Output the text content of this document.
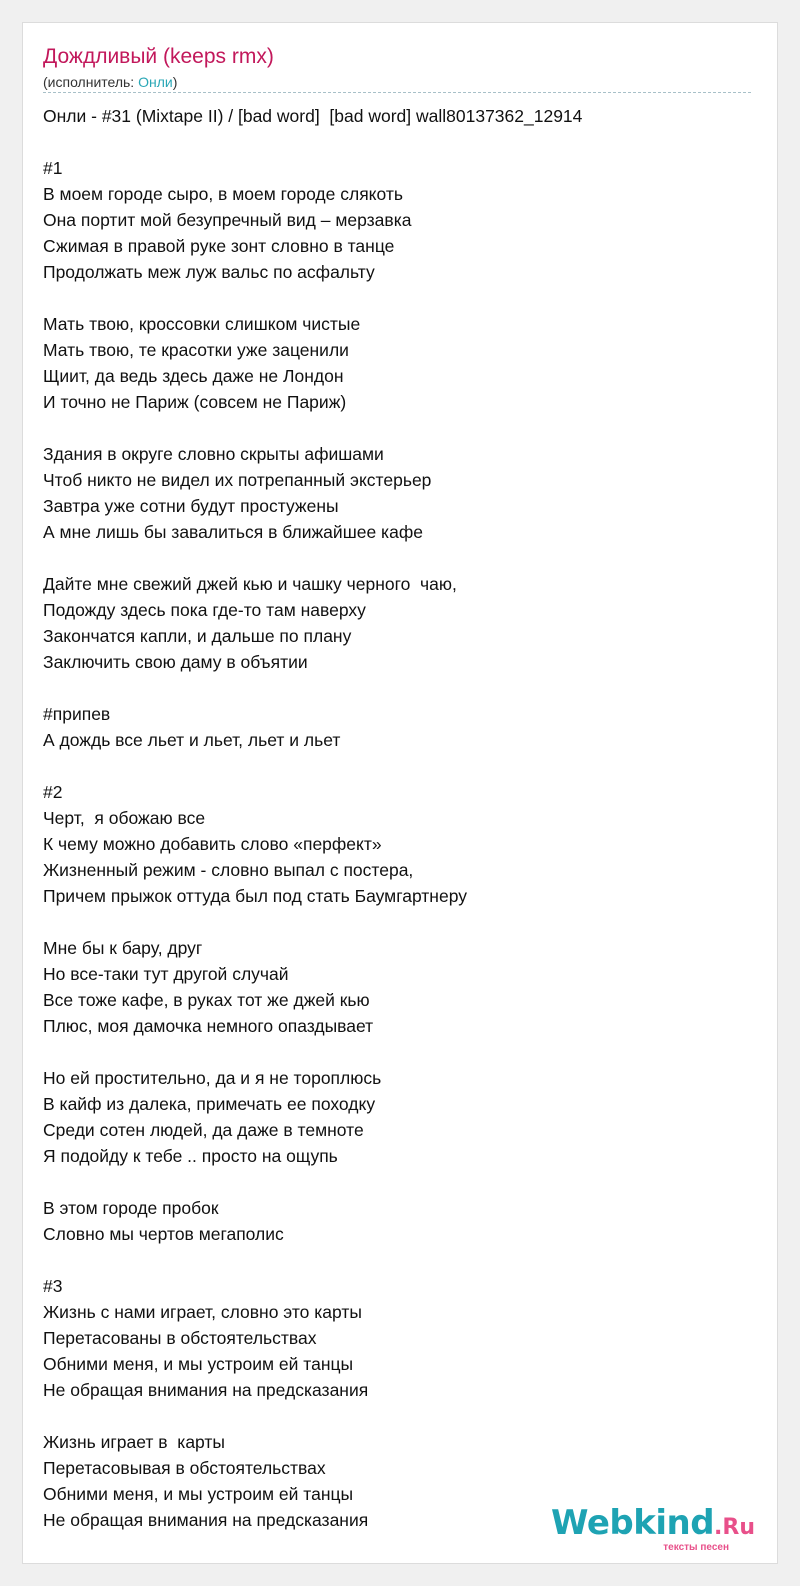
Дождливый (keeps rmx)
(исполнитель: Онли)
Онли - #31 (Mixtape II) / [bad word]  [bad word] wall80137362_12914
#1
В моем городе сыро, в моем городе слякоть
Она портит мой безупречный вид – мерзавка
Сжимая в правой руке зонт словно в танце
Продолжать меж луж вальс по асфальту
Мать твою, кроссовки слишком чистые
Мать твою, те красотки уже заценили
Щиит, да ведь здесь даже не Лондон
И точно не Париж (совсем не Париж)
Здания в округе словно скрыты афишами
Чтоб никто не видел их потрепанный экстерьер
Завтра уже сотни будут простужены
А мне лишь бы завалиться в ближайшее кафе
Дайте мне свежий джей кью и чашку черного  чаю,
Подожду здесь пока где-то там наверху
Закончатся капли, и дальше по плану
Заключить свою даму в объятии
#припев
А дождь все льет и льет, льет и льет
#2
Черт,  я обожаю все
К чему можно добавить слово «перфект»
Жизненный режим - словно выпал с постера,
Причем прыжок оттуда был под стать Баумгартнеру
Мне бы к бару, друг
Но все-таки тут другой случай
Все тоже кафе, в руках тот же джей кью
Плюс, моя дамочка немного опаздывает
Но ей простительно, да и я не тороплюсь
В кайф из далека, примечать ее походку
Среди сотен людей, да даже в темноте
Я подойду к тебе .. просто на ощупь
В этом городе пробок
Словно мы чертов мегаполис
#3
Жизнь с нами играет, словно это карты
Перетасованы в обстоятельствах
Обними меня, и мы устроим ей танцы
Не обращая внимания на предсказания
Жизнь играет в  карты
Перетасовывая в обстоятельствах
Обними меня, и мы устроим ей танцы
Не обращая внимания на предсказания	Webkind.Ru
тексты песен
